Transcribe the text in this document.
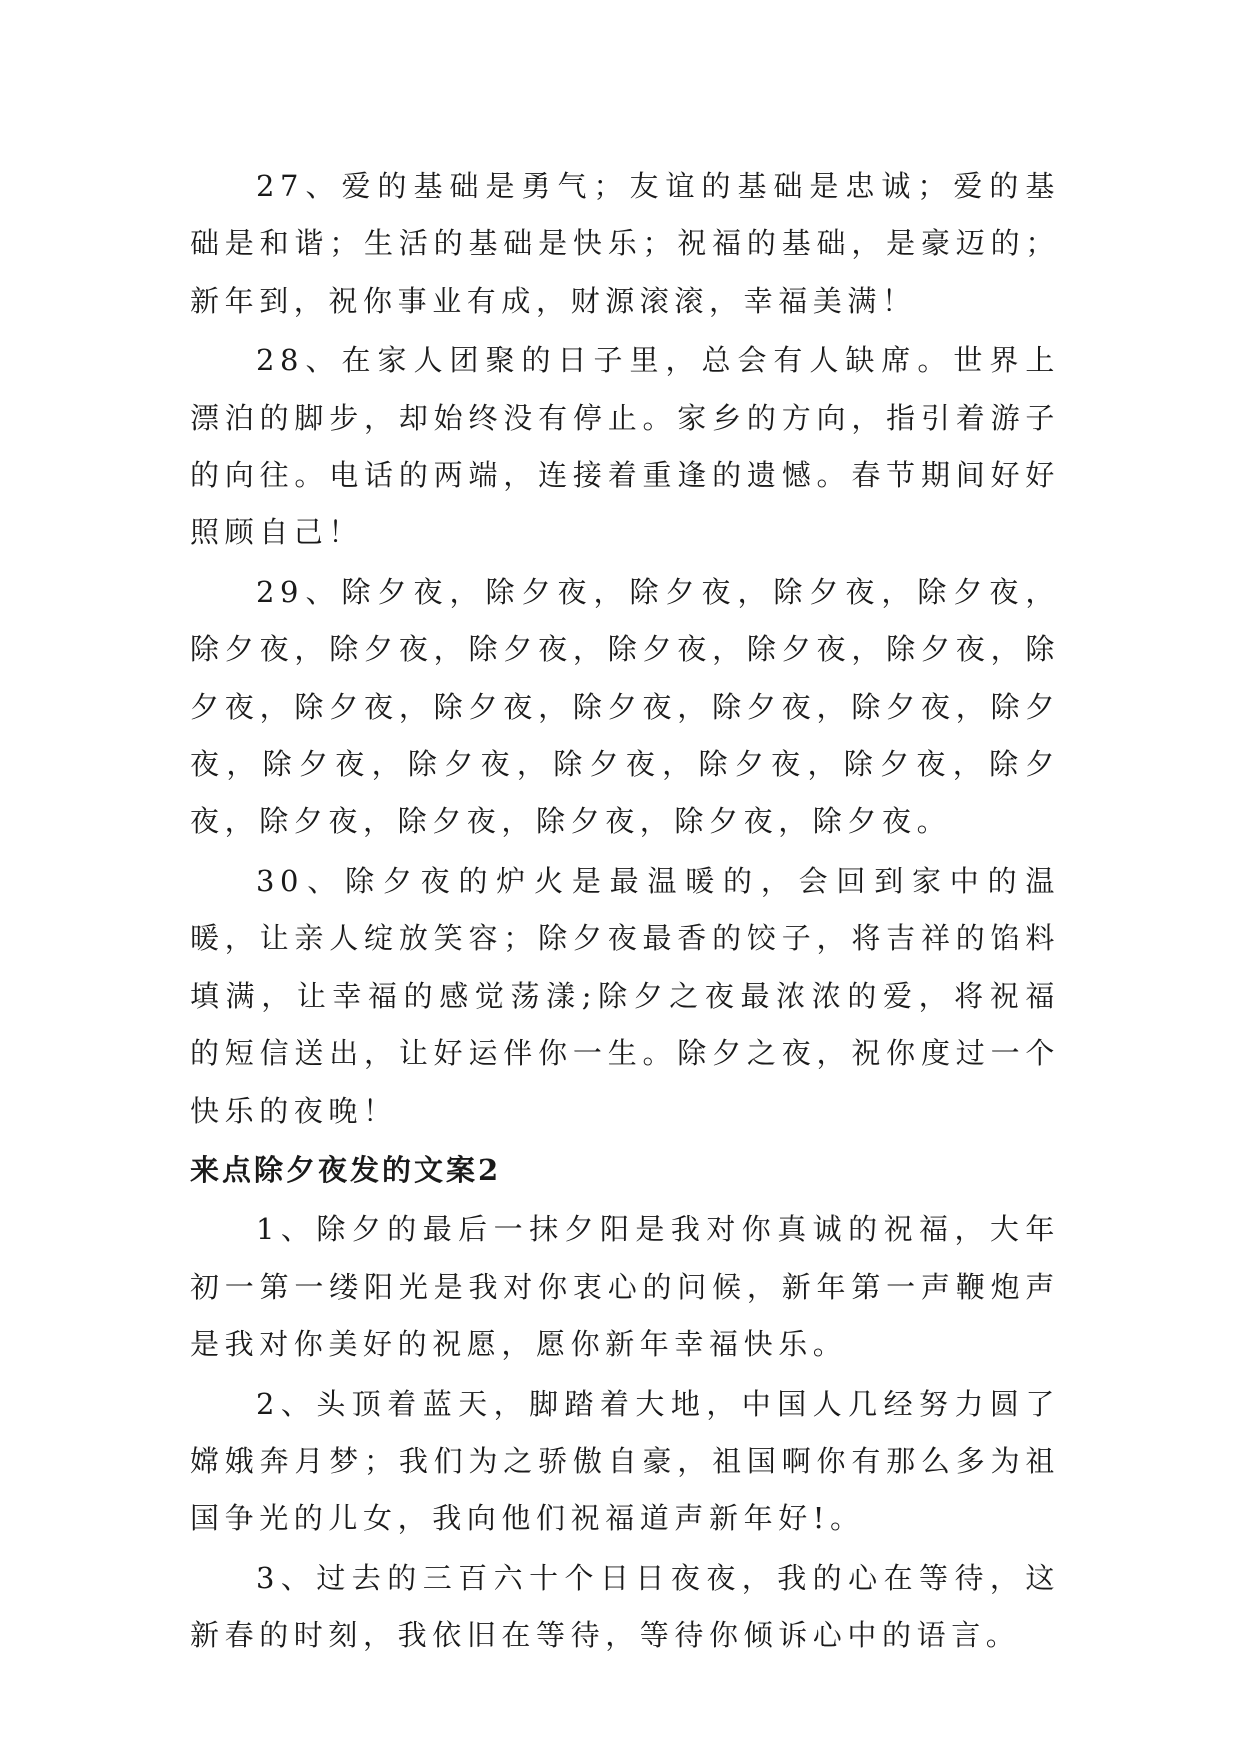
27、爱的基础是勇气；友谊的基础是忠诚；爱的基础是和谐；生活的基础是快乐；祝福的基础，是豪迈的；新年到，祝你事业有成，财源滚滚，幸福美满！

28、在家人团聚的日子里，总会有人缺席。世界上漂泊的脚步，却始终没有停止。家乡的方向，指引着游子的向往。电话的两端，连接着重逢的遗憾。春节期间好好照顾自己！

29、除夕夜，除夕夜，除夕夜，除夕夜，除夕夜，除夕夜，除夕夜，除夕夜，除夕夜，除夕夜，除夕夜，除夕夜，除夕夜，除夕夜，除夕夜，除夕夜，除夕夜，除夕夜，除夕夜，除夕夜，除夕夜，除夕夜，除夕夜，除夕夜，除夕夜，除夕夜，除夕夜，除夕夜，除夕夜。

30、除夕夜的炉火是最温暖的，会回到家中的温暖，让亲人绽放笑容；除夕夜最香的饺子，将吉祥的馅料填满，让幸福的感觉荡漾;除夕之夜最浓浓的爱，将祝福的短信送出，让好运伴你一生。除夕之夜，祝你度过一个快乐的夜晚！

来点除夕夜发的文案2

1、除夕的最后一抹夕阳是我对你真诚的祝福，大年初一第一缕阳光是我对你衷心的问候，新年第一声鞭炮声是我对你美好的祝愿，愿你新年幸福快乐。

2、头顶着蓝天，脚踏着大地，中国人几经努力圆了嫦娥奔月梦；我们为之骄傲自豪，祖国啊你有那么多为祖国争光的儿女，我向他们祝福道声新年好!。

3、过去的三百六十个日日夜夜，我的心在等待，这新春的时刻，我依旧在等待，等待你倾诉心中的语言。
